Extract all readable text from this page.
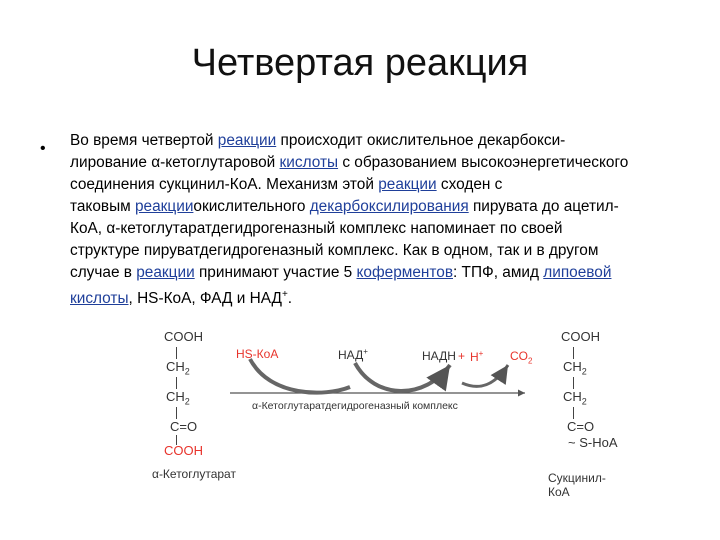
Четвертая реакция
• Во время четвертой реакции происходит окислительное декарбокси-
лирование α-кетоглутаровой кислоты с образованием высокоэнергетического
соединения сукцинил-КоА. Механизм этой реакции сходен с
таковым реакцииокислительного декарбоксилирования пирувата до ацетил-
КоА, α-кетоглутаратдегидрогеназный комплекс напоминает по своей
структуре пируватдегидрогеназный комплекс. Как в одном, так и в другом
случае в реакции принимают участие 5 коферментов: ТПФ, амид липоевой
кислоты, HS-КоА, ФАД и НАД+.
COOH
$CH_2$
$CH_2$
C=O
COOH
α-Кетоглутарат
COOH
$CH_2$
$CH_2$
C=O
~ S-HoA
Сукцинил-КоА
HS-КоА	НАД+	НАДН + H+ $CO_2$
α-Кетоглутаратдегидрогеназный комплекс
